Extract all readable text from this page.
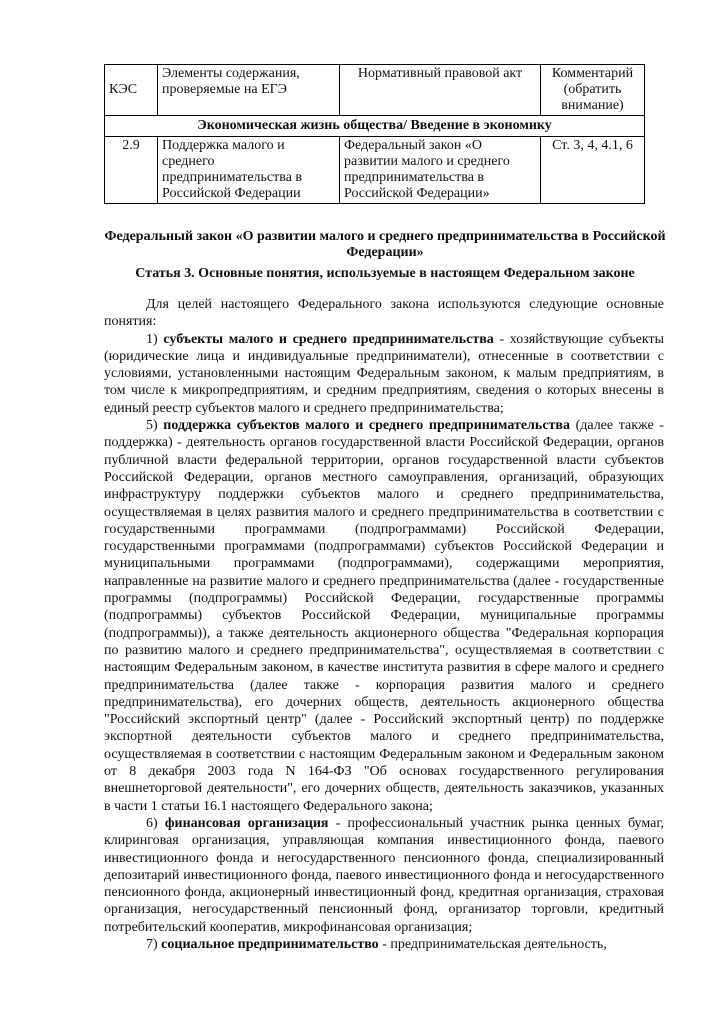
КЭС	Элементы содержания, проверяемые на ЕГЭ	Нормативный правовой акт	Комментарий (обратить внимание)
Экономическая жизнь общества/ Введение в экономику			
2.9	Поддержка малого и среднего предпринимательства в Российской Федерации	Федеральный закон «О развитии малого и среднего предпринимательства в Российской Федерации»	Ст. 3, 4, 4.1, 6
Федеральный закон «О развитии малого и среднего предпринимательства в Российской Федерации»
Статья 3. Основные понятия, используемые в настоящем Федеральном законе

Для целей настоящего Федерального закона используются следующие основные понятия:

1) субъекты малого и среднего предпринимательства - хозяйствующие субъекты (юридические лица и индивидуальные предприниматели), отнесенные в соответствии с условиями, установленными настоящим Федеральным законом, к малым предприятиям, в том числе к микропредприятиям, и средним предприятиям, сведения о которых внесены в единый реестр субъектов малого и среднего предпринимательства;

5) поддержка субъектов малого и среднего предпринимательства (далее также - поддержка) - деятельность органов государственной власти Российской Федерации, органов публичной власти федеральной территории, органов государственной власти субъектов Российской Федерации, органов местного самоуправления, организаций, образующих инфраструктуру поддержки субъектов малого и среднего предпринимательства, осуществляемая в целях развития малого и среднего предпринимательства в соответствии с государственными программами (подпрограммами) Российской Федерации, государственными программами (подпрограммами) субъектов Российской Федерации и муниципальными программами (подпрограммами), содержащими мероприятия, направленные на развитие малого и среднего предпринимательства (далее - государственные программы (подпрограммы) Российской Федерации, государственные программы (подпрограммы) субъектов Российской Федерации, муниципальные программы (подпрограммы)), а также деятельность акционерного общества "Федеральная корпорация по развитию малого и среднего предпринимательства", осуществляемая в соответствии с настоящим Федеральным законом, в качестве института развития в сфере малого и среднего предпринимательства (далее также - корпорация развития малого и среднего предпринимательства), его дочерних обществ, деятельность акционерного общества "Российский экспортный центр" (далее - Российский экспортный центр) по поддержке экспортной деятельности субъектов малого и среднего предпринимательства, осуществляемая в соответствии с настоящим Федеральным законом и Федеральным законом от 8 декабря 2003 года N 164-ФЗ "Об основах государственного регулирования внешнеторговой деятельности", его дочерних обществ, деятельность заказчиков, указанных в части 1 статьи 16.1 настоящего Федерального закона;

6) финансовая организация - профессиональный участник рынка ценных бумаг, клиринговая организация, управляющая компания инвестиционного фонда, паевого инвестиционного фонда и негосударственного пенсионного фонда, специализированный депозитарий инвестиционного фонда, паевого инвестиционного фонда и негосударственного пенсионного фонда, акционерный инвестиционный фонд, кредитная организация, страховая организация, негосударственный пенсионный фонд, организатор торговли, кредитный потребительский кооператив, микрофинансовая организация;

7) социальное предпринимательство - предпринимательская деятельность,
